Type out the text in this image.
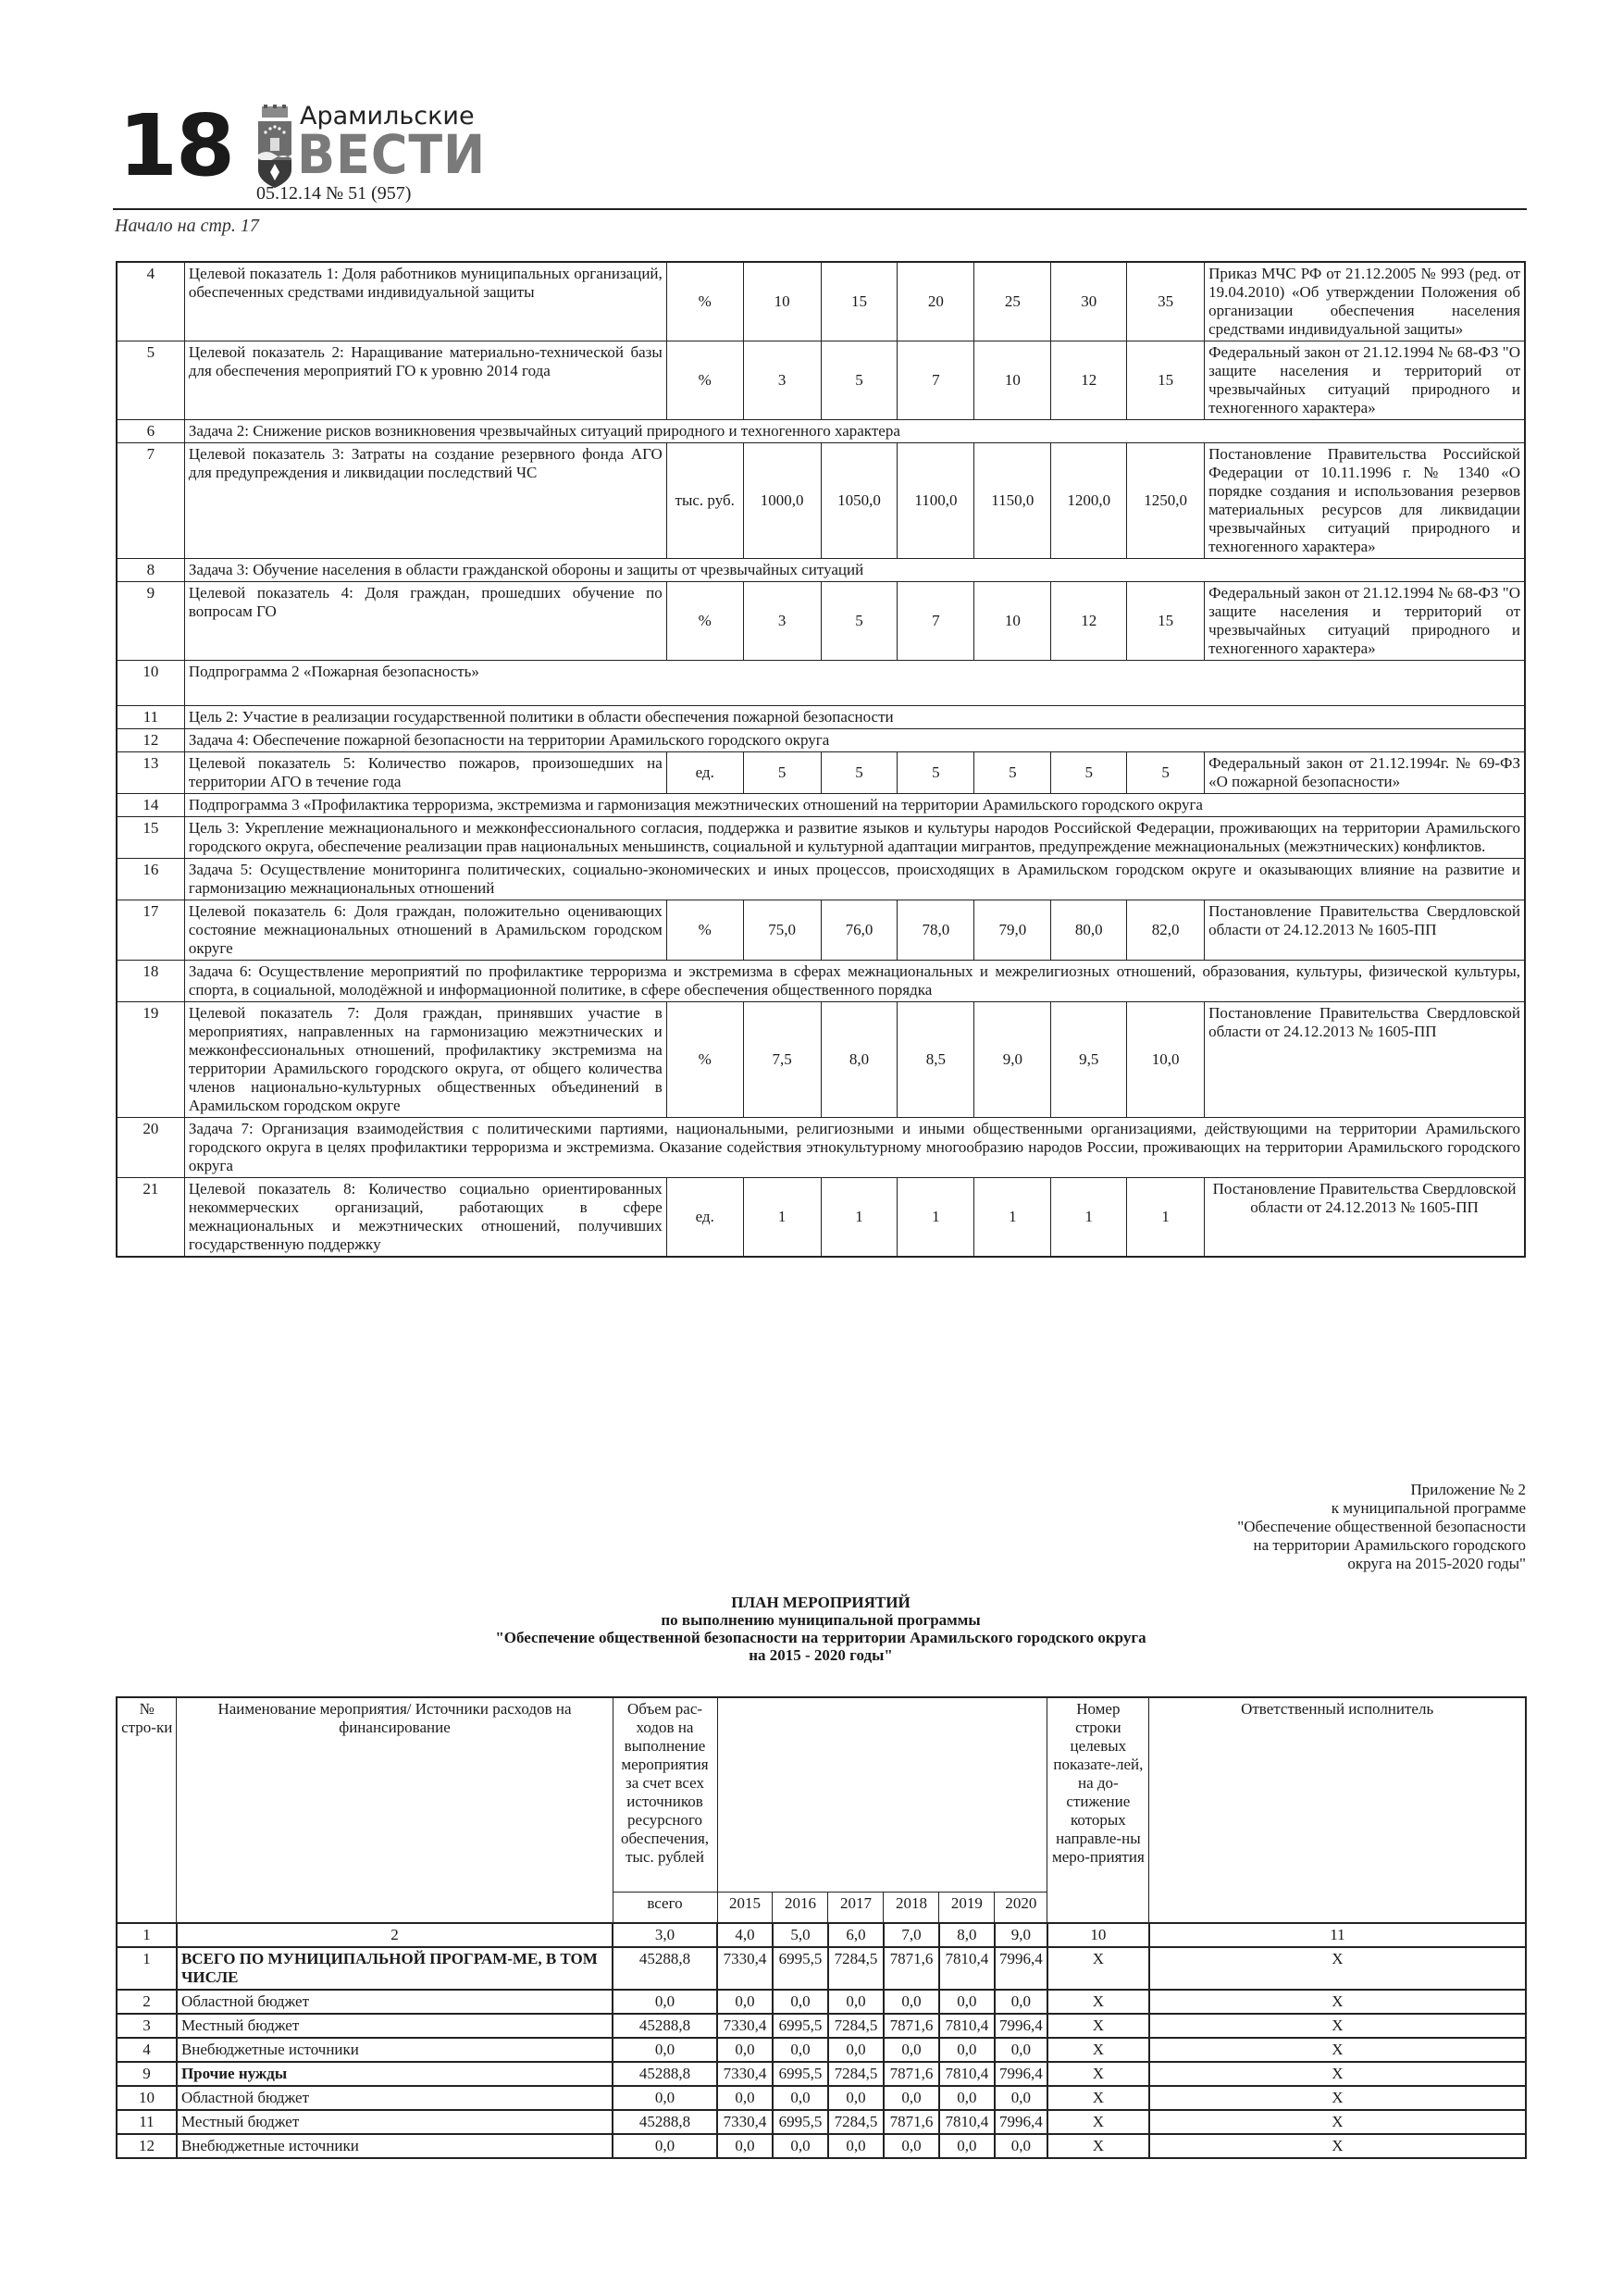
18	Арамильские
ВЕСТИ
05.12.14 № 51 (957)
Начало на стр. 17
4	Целевой показатель 1: Доля работников муниципальных организаций, обеспеченных средствами индивидуальной защиты	%	10	15	20	25	30	35	Приказ МЧС РФ от 21.12.2005 № 993 (ред. от 19.04.2010) «Об утверждении Положения об организации обеспечения населения средствами индивидуальной защиты»
5	Целевой показатель 2: Наращивание материально-технической базы для обеспечения мероприятий ГО к уровню 2014 года	%	3	5	7	10	12	15	Федеральный закон от 21.12.1994 № 68-ФЗ "О защите населения и территорий от чрезвычайных ситуаций природного и техногенного характера»
6	Задача 2: Снижение рисков возникновения чрезвычайных ситуаций природного и техногенного характера								
7	Целевой показатель 3: Затраты на создание резервного фонда АГО для предупреждения и ликвидации последствий ЧС	тыс. руб.	1000,0	1050,0	1100,0	1150,0	1200,0	1250,0	Постановление Правительства Российской Федерации от 10.11.1996 г. № 1340 «О порядке создания и использования резервов материальных ресурсов для ликвидации чрезвычайных ситуаций природного и техногенного характера»
8	Задача 3: Обучение населения в области гражданской обороны и защиты от чрезвычайных ситуаций								
9	Целевой показатель 4: Доля граждан, прошедших обучение по вопросам ГО	%	3	5	7	10	12	15	Федеральный закон от 21.12.1994 № 68-ФЗ "О защите населения и территорий от чрезвычайных ситуаций природного и техногенного характера»
10	Подпрограмма 2 «Пожарная безопасность»								
11	Цель 2: Участие в реализации государственной политики в области обеспечения пожарной безопасности								
12	Задача 4: Обеспечение пожарной безопасности на территории Арамильского городского округа								
13	Целевой показатель 5: Количество пожаров, произошедших на территории АГО в течение года	ед.	5	5	5	5	5	5	Федеральный закон от 21.12.1994г. № 69-ФЗ «О пожарной безопасности»
14	Подпрограмма 3 «Профилактика терроризма, экстремизма и гармонизация межэтнических отношений на территории Арамильского городского округа								
15	Цель 3: Укрепление межнационального и межконфессионального согласия, поддержка и развитие языков и культуры народов Российской Федерации, проживающих на территории Арамильского городского округа, обеспечение реализации прав национальных меньшинств, социальной и культурной адаптации мигрантов, предупреждение межнациональных (межэтнических) конфликтов.								
16	Задача 5: Осуществление мониторинга политических, социально-экономических и иных процессов, происходящих в Арамильском городском округе и оказывающих влияние на развитие и гармонизацию межнациональных отношений								
17	Целевой показатель 6: Доля граждан, положительно оценивающих состояние межнациональных отношений в Арамильском городском округе	%	75,0	76,0	78,0	79,0	80,0	82,0	Постановление Правительства Свердловской области от 24.12.2013 № 1605-ПП
18	Задача 6: Осуществление мероприятий по профилактике терроризма и экстремизма в сферах межнациональных и межрелигиозных отношений, образования, культуры, физической культуры, спорта, в социальной, молодёжной и информационной политике, в сфере обеспечения общественного порядка								
19	Целевой показатель 7: Доля граждан, принявших участие в мероприятиях, направленных на гармонизацию межэтнических и межконфессиональных отношений, профилактику экстремизма на территории Арамильского городского округа, от общего количества членов национально-культурных общественных объединений в Арамильском городском округе	%	7,5	8,0	8,5	9,0	9,5	10,0	Постановление Правительства Свердловской области от 24.12.2013 № 1605-ПП
20	Задача 7: Организация взаимодействия с политическими партиями, национальными, религиозными и иными общественными организациями, действующими на территории Арамильского городского округа в целях профилактики терроризма и экстремизма. Оказание содействия этнокультурному многообразию народов России, проживающих на территории Арамильского городского округа								
21	Целевой показатель 8: Количество социально ориентированных некоммерческих организаций, работающих в сфере межнациональных и межэтнических отношений, получивших государственную поддержку	ед.	1	1	1	1	1	1	Постановление Правительства Свердловской области от 24.12.2013 № 1605-ПП
Приложение № 2
к муниципальной программе
"Обеспечение общественной безопасности
на территории Арамильского городского
округа на 2015-2020 годы"
ПЛАН МЕРОПРИЯТИЙ
по выполнению муниципальной программы
"Обеспечение общественной безопасности на территории Арамильского городского округа
на 2015 - 2020 годы"
№ стро-ки	Наименование мероприятия/ Источники расходов на финансирование	Объем рас-ходов на выполнение мероприятия за счет всех источников ресурсного обеспечения, тыс. рублей							Номер строки целевых показате-лей, на до-стижение которых направле-ны меро-приятия	Ответственный исполнитель
		всего	2015	2016	2017	2018	2019	2020		
1	2	3,0	4,0	5,0	6,0	7,0	8,0	9,0	10	11
1	ВСЕГО ПО МУНИЦИПАЛЬНОЙ ПРОГРАМ-МЕ, В ТОМ ЧИСЛЕ	45288,8	7330,4	6995,5	7284,5	7871,6	7810,4	7996,4	X	X
2	Областной бюджет	0,0	0,0	0,0	0,0	0,0	0,0	0,0	X	X
3	Местный бюджет	45288,8	7330,4	6995,5	7284,5	7871,6	7810,4	7996,4	X	X
4	Внебюджетные источники	0,0	0,0	0,0	0,0	0,0	0,0	0,0	X	X
9	Прочие нужды	45288,8	7330,4	6995,5	7284,5	7871,6	7810,4	7996,4	X	X
10	Областной бюджет	0,0	0,0	0,0	0,0	0,0	0,0	0,0	X	X
11	Местный бюджет	45288,8	7330,4	6995,5	7284,5	7871,6	7810,4	7996,4	X	X
12	Внебюджетные источники	0,0	0,0	0,0	0,0	0,0	0,0	0,0	X	X
